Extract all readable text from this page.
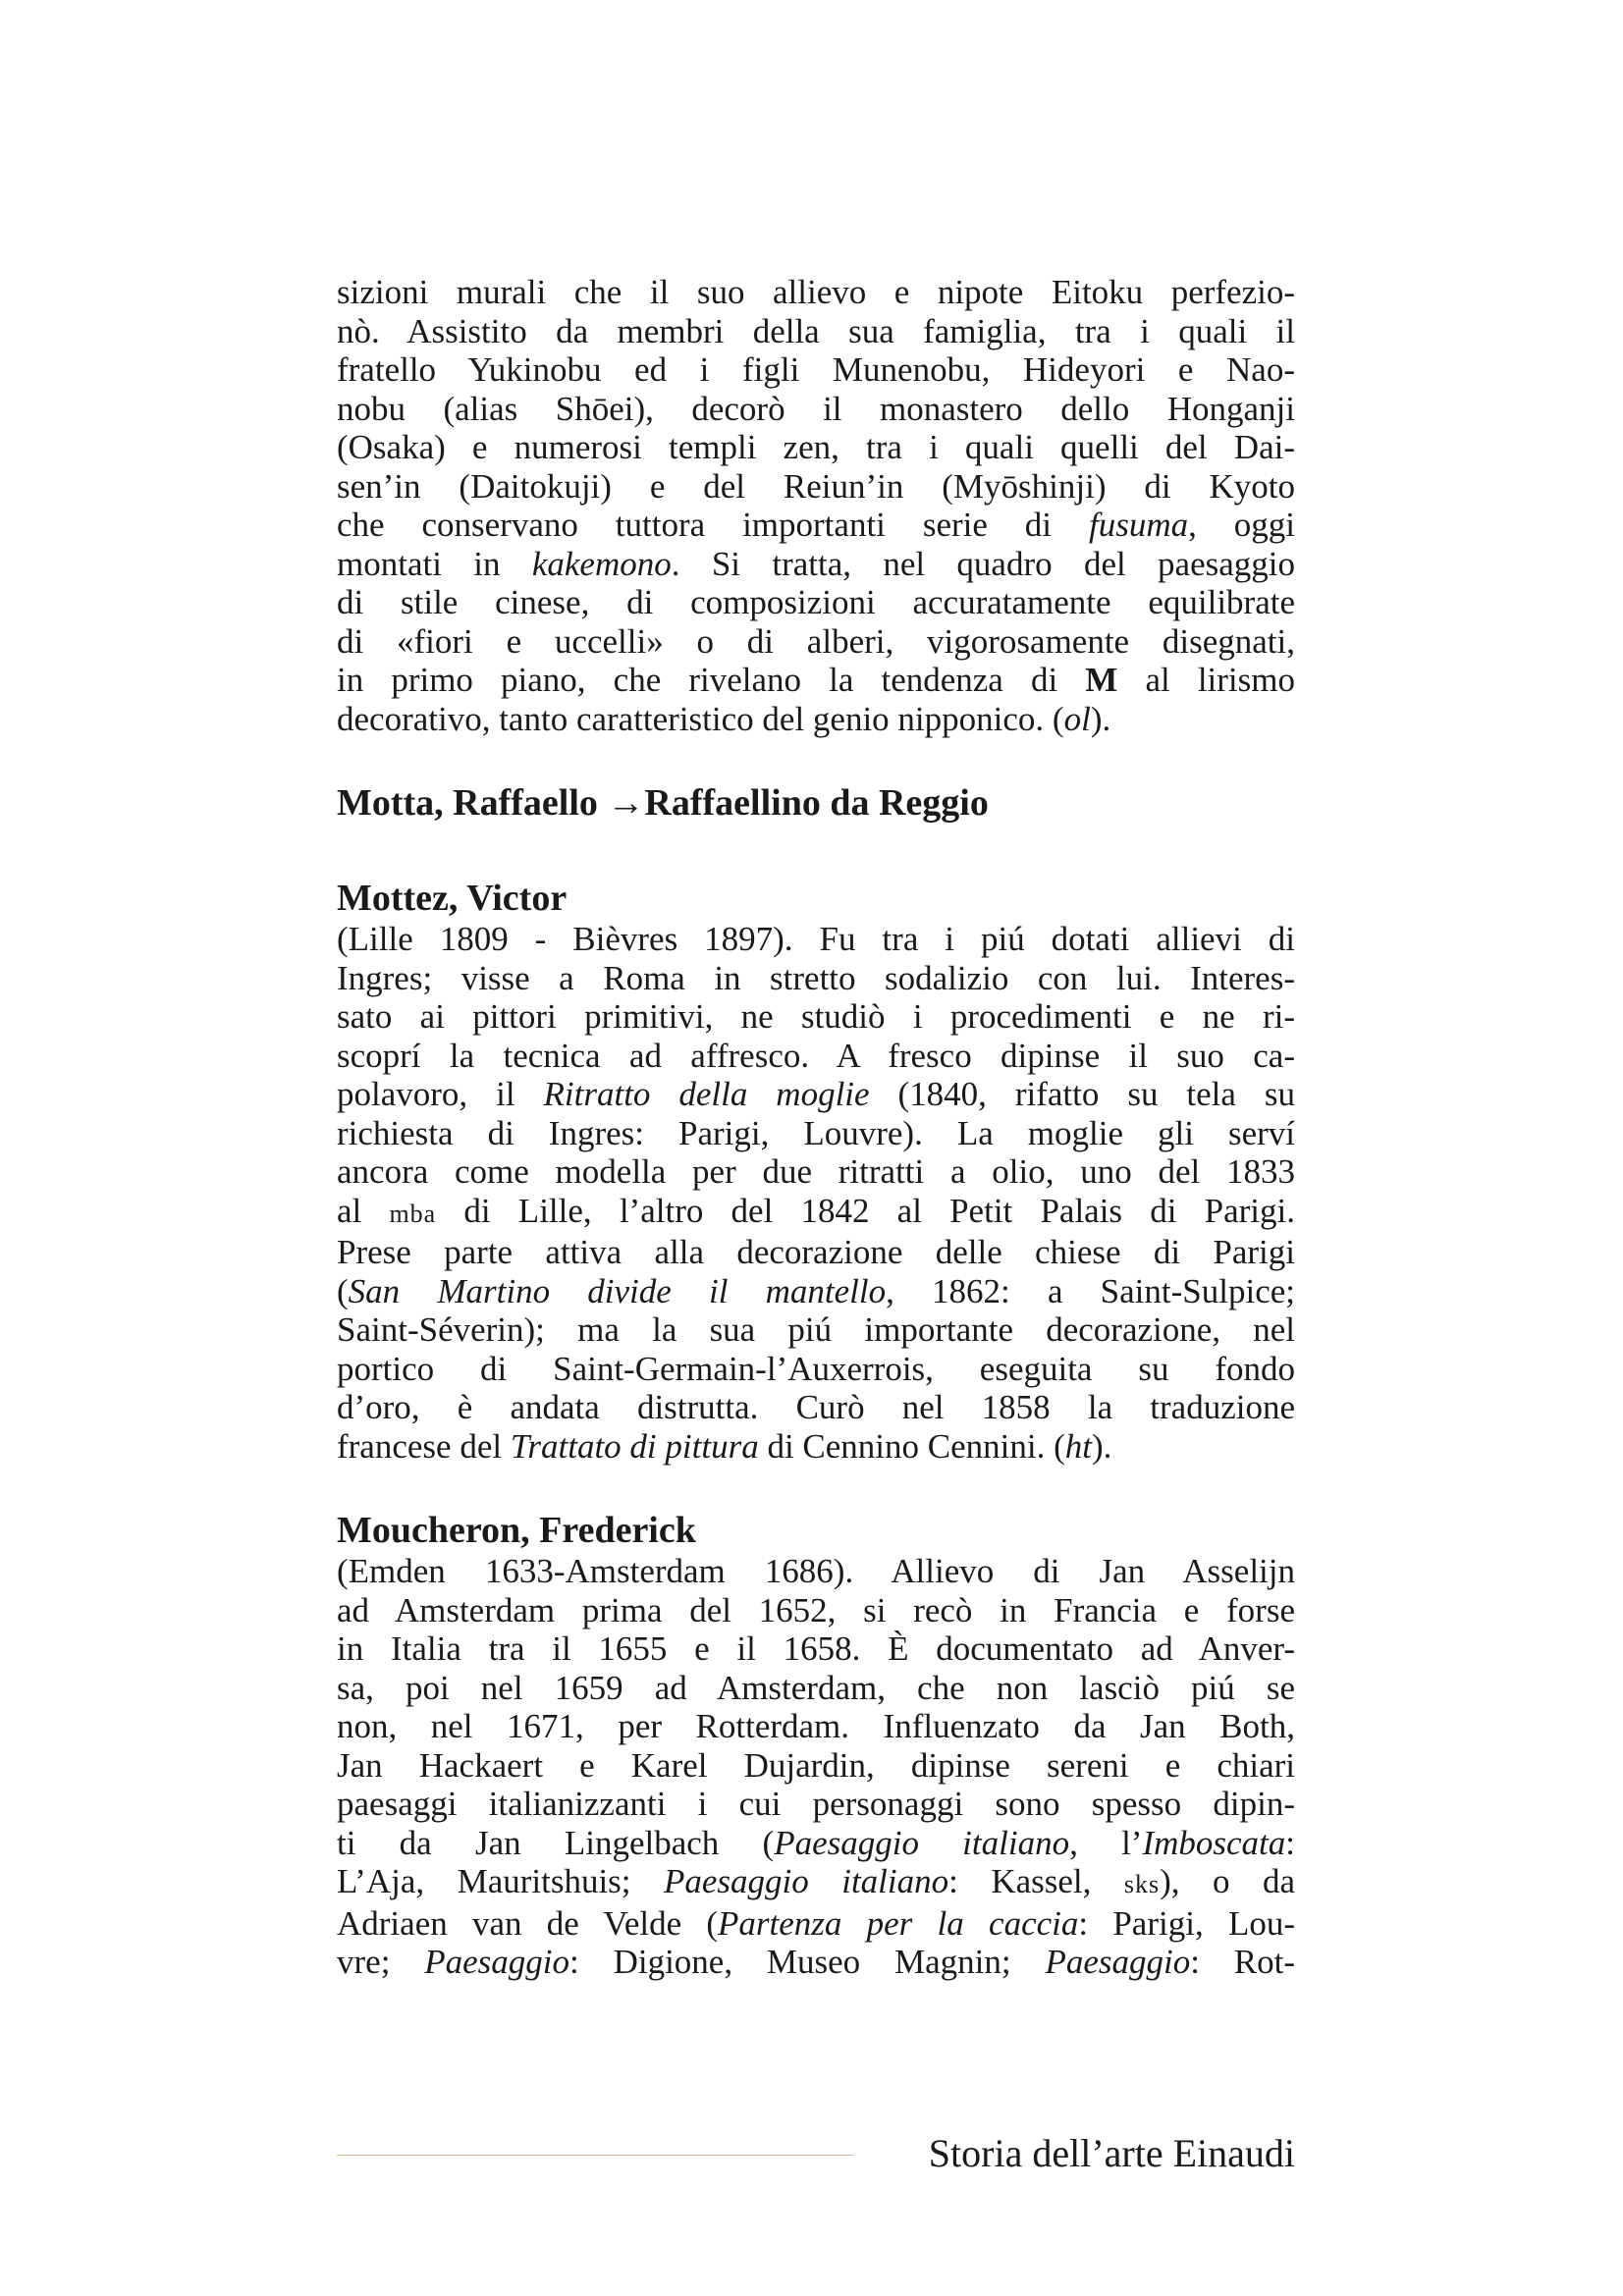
sizioni murali che il suo allievo e nipote Eitoku perfezio-
nò. Assistito da membri della sua famiglia, tra i quali il
fratello Yukinobu ed i figli Munenobu, Hideyori e Nao-
nobu (alias Shōei), decorò il monastero dello Honganji
(Osaka) e numerosi templi zen, tra i quali quelli del Dai-
sen’in (Daitokuji) e del Reiun’in (Myōshinji) di Kyoto
che conservano tuttora importanti serie di fusuma, oggi
montati in kakemono. Si tratta, nel quadro del paesaggio
di stile cinese, di composizioni accuratamente equilibrate
di «fiori e uccelli» o di alberi, vigorosamente disegnati,
in primo piano, che rivelano la tendenza di M al lirismo
decorativo, tanto caratteristico del genio nipponico. (ol).

Motta, Raffaello →Raffaellino da Reggio

Mottez, Victor

(Lille 1809 - Bièvres 1897). Fu tra i piú dotati allievi di
Ingres; visse a Roma in stretto sodalizio con lui. Interes-
sato ai pittori primitivi, ne studiò i procedimenti e ne ri-
scoprí la tecnica ad affresco. A fresco dipinse il suo ca-
polavoro, il Ritratto della moglie (1840, rifatto su tela su
richiesta di Ingres: Parigi, Louvre). La moglie gli serví
ancora come modella per due ritratti a olio, uno del 1833
al mba di Lille, l’altro del 1842 al Petit Palais di Parigi.
Prese parte attiva alla decorazione delle chiese di Parigi
(San Martino divide il mantello, 1862: a Saint-Sulpice;
Saint-Séverin); ma la sua piú importante decorazione, nel
portico di Saint-Germain-l’Auxerrois, eseguita su fondo
d’oro, è andata distrutta. Curò nel 1858 la traduzione
francese del Trattato di pittura di Cennino Cennini. (ht).

Moucheron, Frederick

(Emden 1633-Amsterdam 1686). Allievo di Jan Asselijn
ad Amsterdam prima del 1652, si recò in Francia e forse
in Italia tra il 1655 e il 1658. È documentato ad Anver-
sa, poi nel 1659 ad Amsterdam, che non lasciò piú se
non, nel 1671, per Rotterdam. Influenzato da Jan Both,
Jan Hackaert e Karel Dujardin, dipinse sereni e chiari
paesaggi italianizzanti i cui personaggi sono spesso dipin-
ti da Jan Lingelbach (Paesaggio italiano, l’Imboscata:
L’Aja, Mauritshuis; Paesaggio italiano: Kassel, sks), o da
Adriaen van de Velde (Partenza per la caccia: Parigi, Lou-
vre; Paesaggio: Digione, Museo Magnin; Paesaggio: Rot-
Storia dell’arte Einaudi
